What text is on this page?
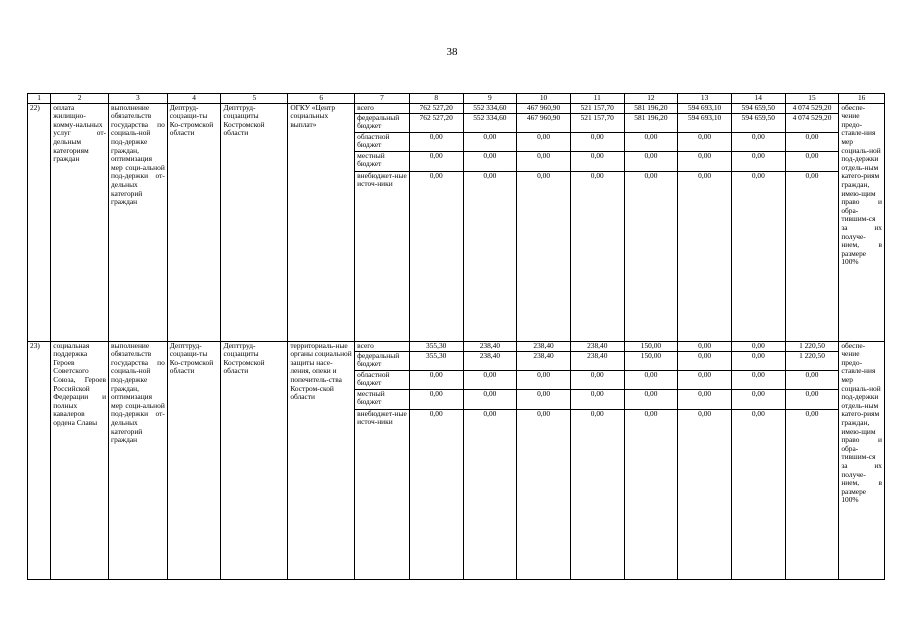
38
1	2	3	4	5	6	7	8	9	10	11	12	13	14	15	16
22)	оплата жилищно-комму-нальных услуг от-дельным категориям граждан	выполнение обязательств государства по социаль-ной под-держке граждан, оптимизация мер соци-альной под-держки от-дельных категорий граждан	Дептруд-соцзащи-ты Ко-стромской области	Депттруд-соцзащиты Костромской области	ОГКУ «Центр социальных выплат»	всего	762 527,20	552 334,60	467 960,90	521 157,70	581 196,20	594 693,10	594 659,50	4 074 529,20	обеспе-чение предо-ставле-ния мер социаль-ной под-держки отдель-ным катего-риям граждан, имею-щим право и обра-тившим-ся за их получе-нием, в размере 100%
						федеральный бюджет	762 527,20	552 334,60	467 960,90	521 157,70	581 196,20	594 693,10	594 659,50	4 074 529,20	
						областной бюджет	0,00	0,00	0,00	0,00	0,00	0,00	0,00	0,00	
						местный бюджет	0,00	0,00	0,00	0,00	0,00	0,00	0,00	0,00	
						внебюджет-ные источ-ники	0,00	0,00	0,00	0,00	0,00	0,00	0,00	0,00	
23)	социальная поддержка Героев Советского Союза, Героев Российской Федерации и полных кавалеров ордена Славы	выполнение обязательств государства по социаль-ной под-держке граждан, оптимизация мер соци-альной под-держки от-дельных категорий граждан	Депттруд-соцзащи-ты Ко-стромской области	Депттруд-соцзащиты Костромской области	территориаль-ные органы социальной защиты насе-ления, опеки и попечитель-ства Костром-ской области	всего	355,30	238,40	238,40	238,40	150,00	0,00	0,00	1 220,50	обеспе-чение предо-ставле-ния мер социаль-ной под-держки отдель-ным катего-риям граждан, имею-щим право и обра-тившим-ся за их получе-нием, в размере 100%
						федеральный бюджет	355,30	238,40	238,40	238,40	150,00	0,00	0,00	1 220,50	
						областной бюджет	0,00	0,00	0,00	0,00	0,00	0,00	0,00	0,00	
						местный бюджет	0,00	0,00	0,00	0,00	0,00	0,00	0,00	0,00	
						внебюджет-ные источ-ники	0,00	0,00	0,00	0,00	0,00	0,00	0,00	0,00	
